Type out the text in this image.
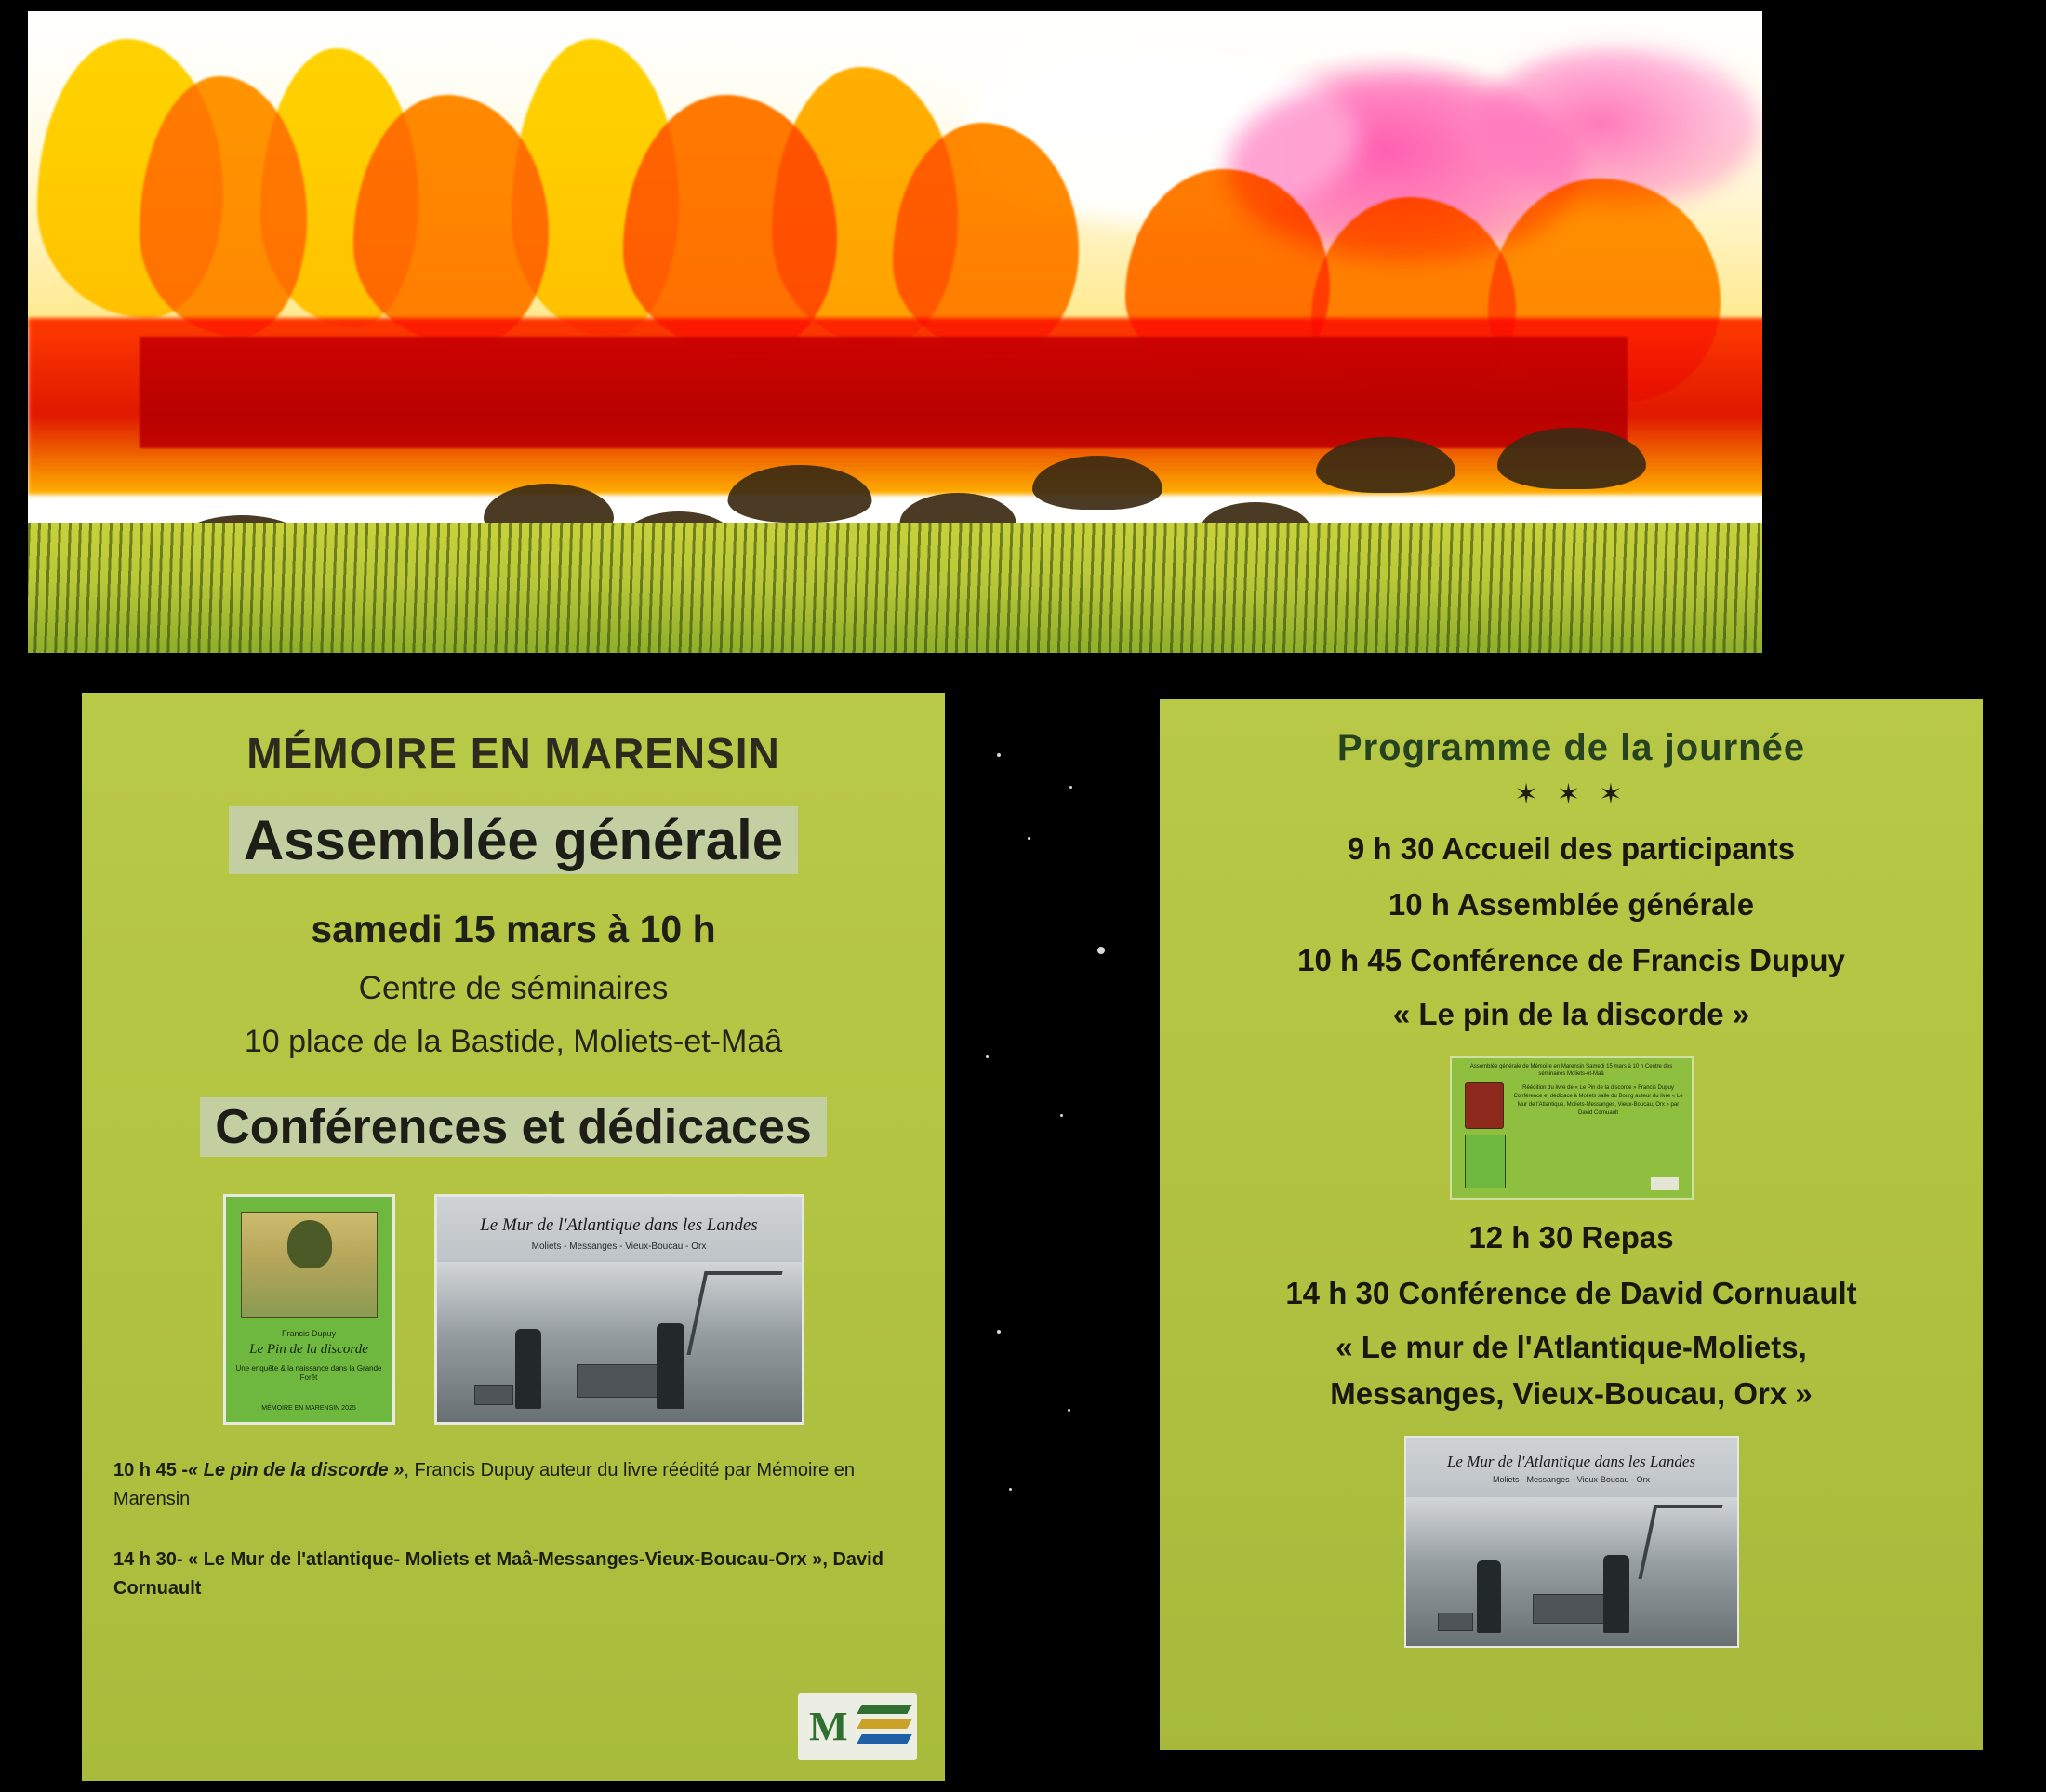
MÉMOIRE EN MARENSIN
Assemblée générale
samedi 15 mars à 10 h
Centre de séminaires
10 place de la Bastide, Moliets-et-Maâ
Conférences et dédicaces
Francis Dupuy
Le Pin de la discorde
Une enquête & la naissance dans la Grande Forêt
MÉMOIRE EN MARENSIN 2025
Le Mur de l'Atlantique dans les Landes
Moliets - Messanges - Vieux-Boucau - Orx
10 h 45 -« Le pin de la discorde », Francis Dupuy auteur du livre réédité par Mémoire en Marensin
14 h 30- « Le Mur de l'atlantique- Moliets et Maâ-Messanges-Vieux-Boucau-Orx », David Cornuault
M
Programme de la journée
✶ ✶ ✶
9 h 30 Accueil des participants
10 h Assemblée générale
10 h 45 Conférence de Francis Dupuy
« Le pin de la discorde »
Assemblée générale de Mémoire en Marensin Samedi 15 mars à 10 h Centre des séminaires Moliets-et-Maâ
Réédition du livre de « Le Pin de la discorde » Francis Dupuy Conférence et dédicace à Moliets salle du Bourg auteur du livre « Le Mur de l'Atlantique, Moliets-Messanges, Vieux-Boucau, Orx » par David Cornuault
12 h 30 Repas
14 h 30 Conférence de David Cornuault
« Le mur de l'Atlantique-Moliets,
Messanges, Vieux-Boucau, Orx »
Le Mur de l'Atlantique dans les Landes
Moliets - Messanges - Vieux-Boucau - Orx
